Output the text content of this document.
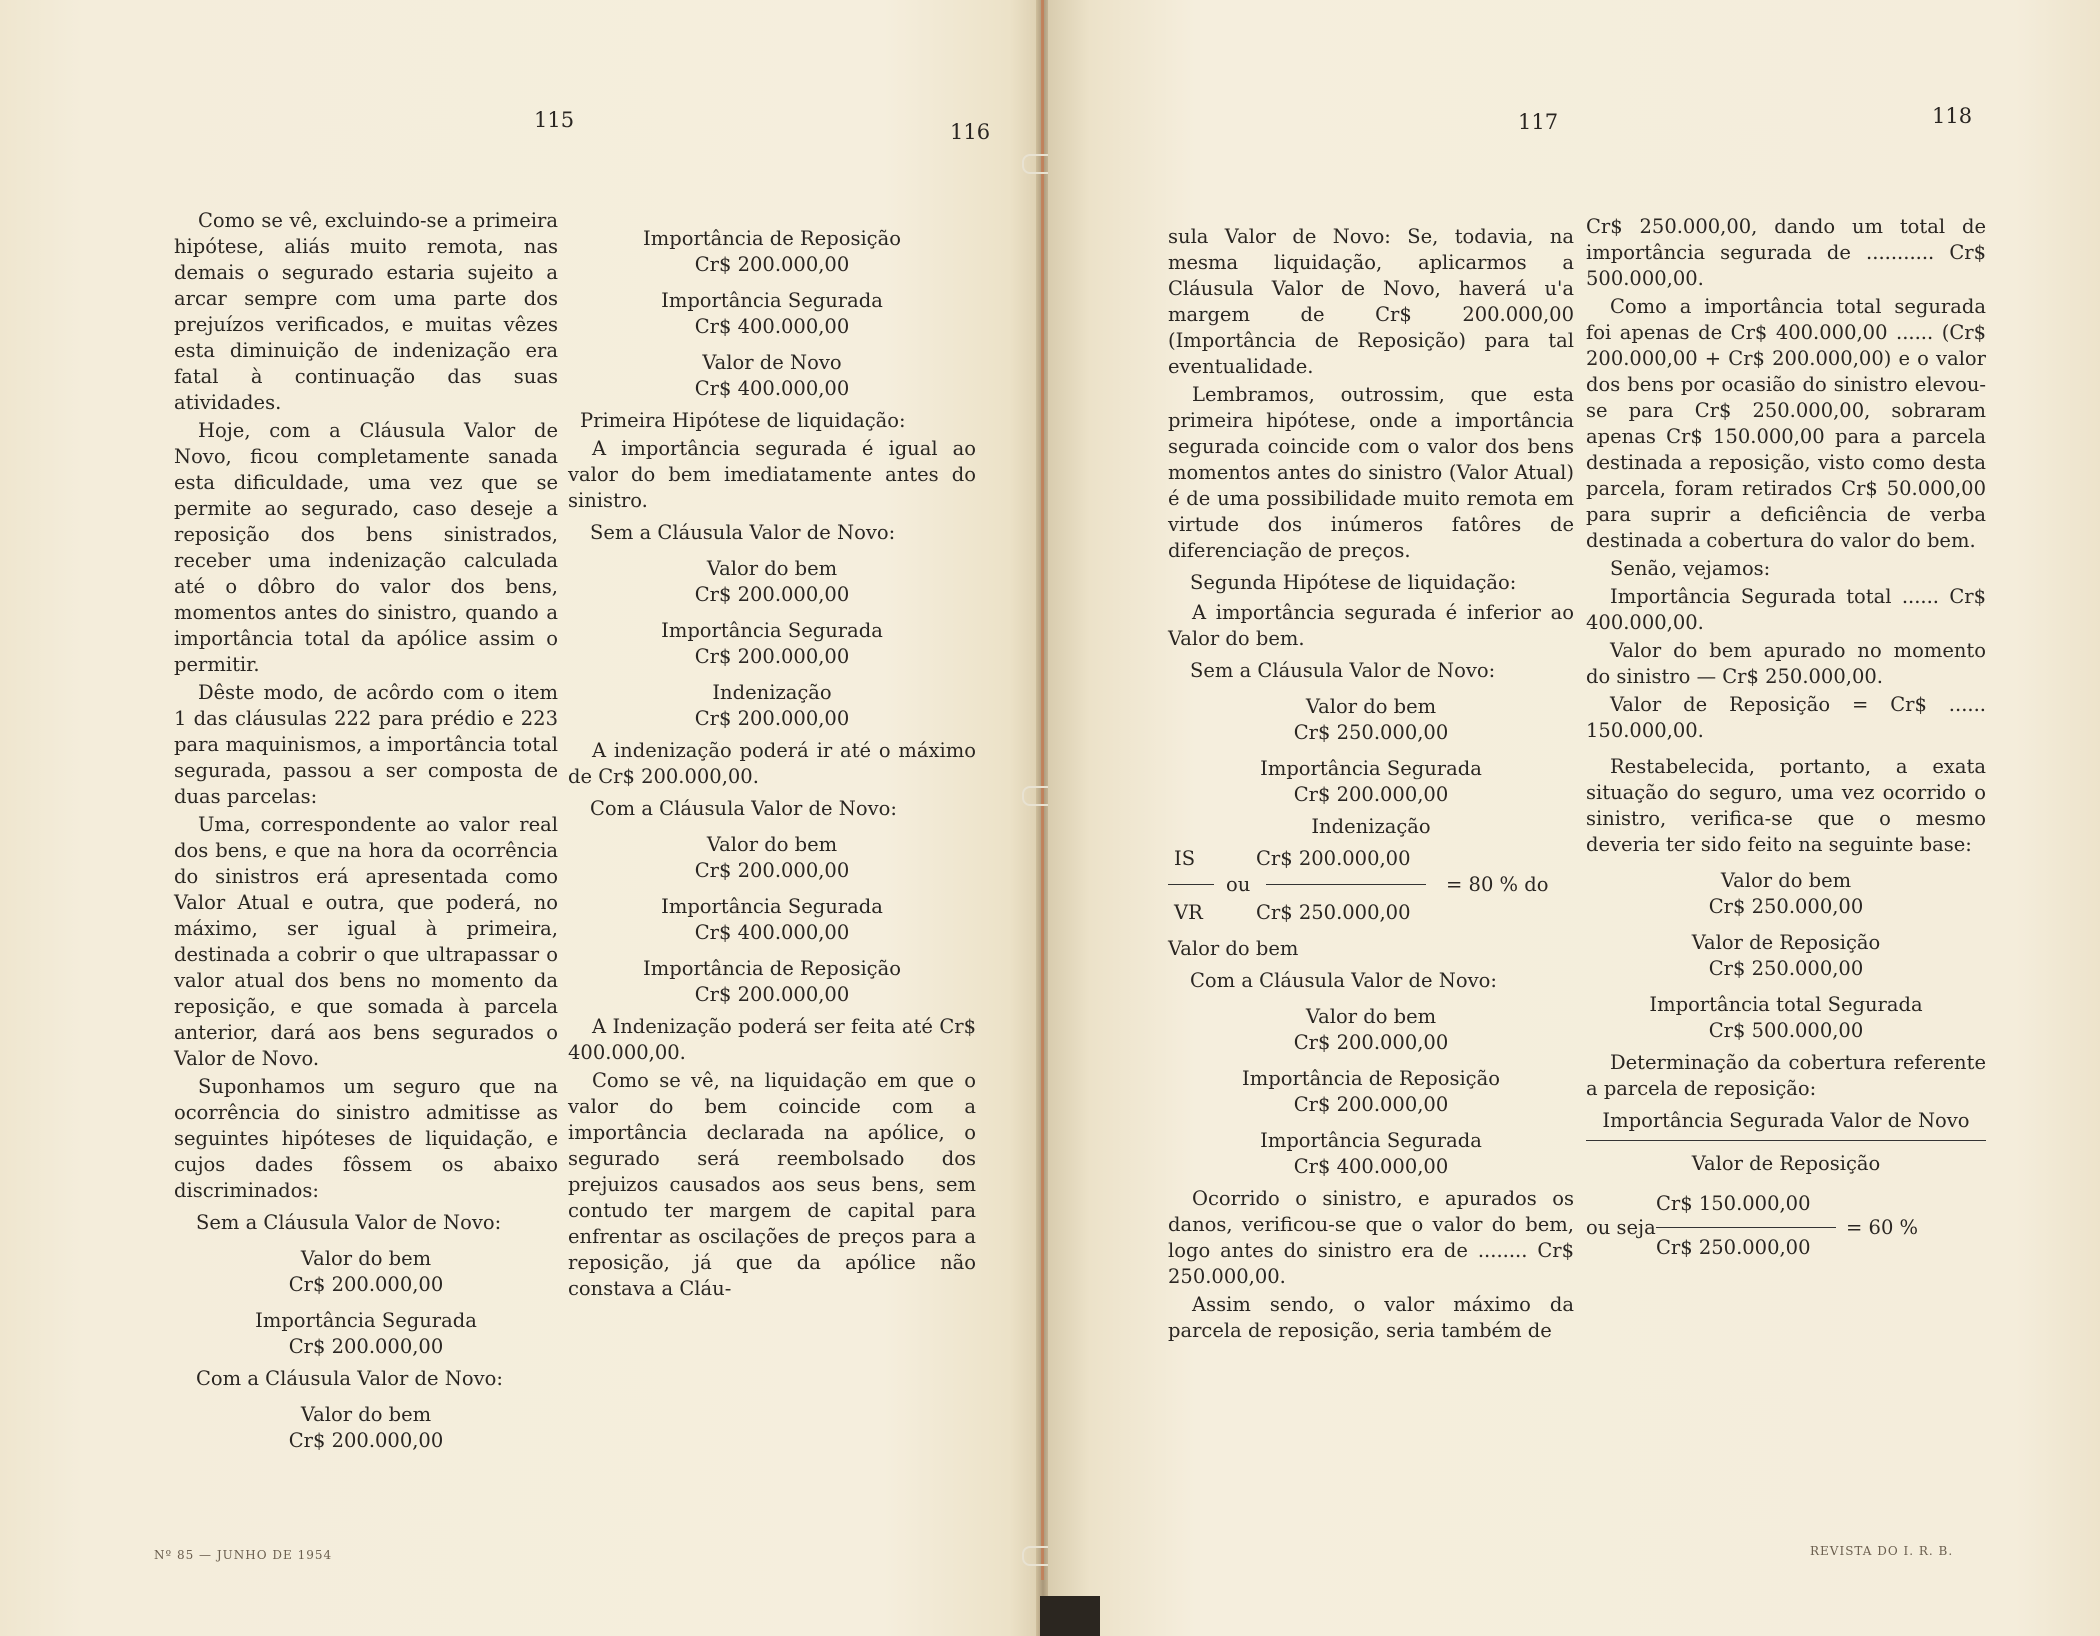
115	116

Como se vê, excluindo-se a primeira hipótese, aliás muito remota, nas demais o segurado estaria sujeito a arcar sempre com uma parte dos prejuízos verificados, e muitas vêzes esta diminuição de indenização era fatal à continuação das suas atividades.

Hoje, com a Cláusula Valor de Novo, ficou completamente sanada esta dificuldade, uma vez que se permite ao segurado, caso deseje a reposição dos bens sinistrados, receber uma indenização calculada até o dôbro do valor dos bens, momentos antes do sinistro, quando a importância total da apólice assim o permitir.

Dêste modo, de acôrdo com o item 1 das cláusulas 222 para prédio e 223 para maquinismos, a importância total segurada, passou a ser composta de duas parcelas:

Uma, correspondente ao valor real dos bens, e que na hora da ocorrência do sinistros erá apresentada como Valor Atual e outra, que poderá, no máximo, ser igual à primeira, destinada a cobrir o que ultrapassar o valor atual dos bens no momento da reposição, e que somada à parcela anterior, dará aos bens segurados o Valor de Novo.

Suponhamos um seguro que na ocorrência do sinistro admitisse as seguintes hipóteses de liquidação, e cujos dades fôssem os abaixo discriminados:

Sem a Cláusula Valor de Novo:

Valor do bem

Cr$ 200.000,00

Importância Segurada

Cr$ 200.000,00

Com a Cláusula Valor de Novo:

Valor do bem

Cr$ 200.000,00

Importância de Reposição

Cr$ 200.000,00

Importância Segurada

Cr$ 400.000,00

Valor de Novo

Cr$ 400.000,00

Primeira Hipótese de liquidação:

A importância segurada é igual ao valor do bem imediatamente antes do sinistro.

Sem a Cláusula Valor de Novo:

Valor do bem

Cr$ 200.000,00

Importância Segurada

Cr$ 200.000,00

Indenização

Cr$ 200.000,00

A indenização poderá ir até o máximo de Cr$ 200.000,00.

Com a Cláusula Valor de Novo:

Valor do bem

Cr$ 200.000,00

Importância Segurada

Cr$ 400.000,00

Importância de Reposição

Cr$ 200.000,00

A Indenização poderá ser feita até Cr$ 400.000,00.

Como se vê, na liquidação em que o valor do bem coincide com a importância declarada na apólice, o segurado será reembolsado dos prejuizos causados aos seus bens, sem contudo ter margem de capital para enfrentar as oscilações de preços para a reposição, já que da apólice não constava a Cláu-

Nº 85 — JUNHO DE 1954
117	118

sula Valor de Novo: Se, todavia, na mesma liquidação, aplicarmos a Cláusula Valor de Novo, haverá u'a margem de Cr$ 200.000,00 (Importância de Reposição) para tal eventualidade.

Lembramos, outrossim, que esta primeira hipótese, onde a importância segurada coincide com o valor dos bens momentos antes do sinistro (Valor Atual) é de uma possibilidade muito remota em virtude dos inúmeros fatôres de diferenciação de preços.

Segunda Hipótese de liquidação:

A importância segurada é inferior ao Valor do bem.

Sem a Cláusula Valor de Novo:

Valor do bem

Cr$ 250.000,00

Importância Segurada

Cr$ 200.000,00

Indenização

IS	Cr$ 200.000,00
ou	= 80 % do
VR	Cr$ 250.000,00

Valor do bem

Com a Cláusula Valor de Novo:

Valor do bem

Cr$ 200.000,00

Importância de Reposição

Cr$ 200.000,00

Importância Segurada

Cr$ 400.000,00

Ocorrido o sinistro, e apurados os danos, verificou-se que o valor do bem, logo antes do sinistro era de ........ Cr$ 250.000,00.

Assim sendo, o valor máximo da parcela de reposição, seria também de

Cr$ 250.000,00, dando um total de importância segurada de ........... Cr$ 500.000,00.

Como a importância total segurada foi apenas de Cr$ 400.000,00 ...... (Cr$ 200.000,00 + Cr$ 200.000,00) e o valor dos bens por ocasião do sinistro elevou-se para Cr$ 250.000,00, sobraram apenas Cr$ 150.000,00 para a parcela destinada a reposição, visto como desta parcela, foram retirados Cr$ 50.000,00 para suprir a deficiência de verba destinada a cobertura do valor do bem.

Senão, vejamos:

Importância Segurada total ...... Cr$ 400.000,00.

Valor do bem apurado no momento do sinistro — Cr$ 250.000,00.

Valor de Reposição = Cr$ ...... 150.000,00.

Restabelecida, portanto, a exata situação do seguro, uma vez ocorrido o sinistro, verifica-se que o mesmo deveria ter sido feito na seguinte base:

Valor do bem

Cr$ 250.000,00

Valor de Reposição

Cr$ 250.000,00

Importância total Segurada

Cr$ 500.000,00

Determinação da cobertura referente a parcela de reposição:

Importância Segurada Valor de Novo

Valor de Reposição

Cr$ 150.000,00
ou seja	= 60 %
Cr$ 250.000,00
REVISTA DO I. R. B.
